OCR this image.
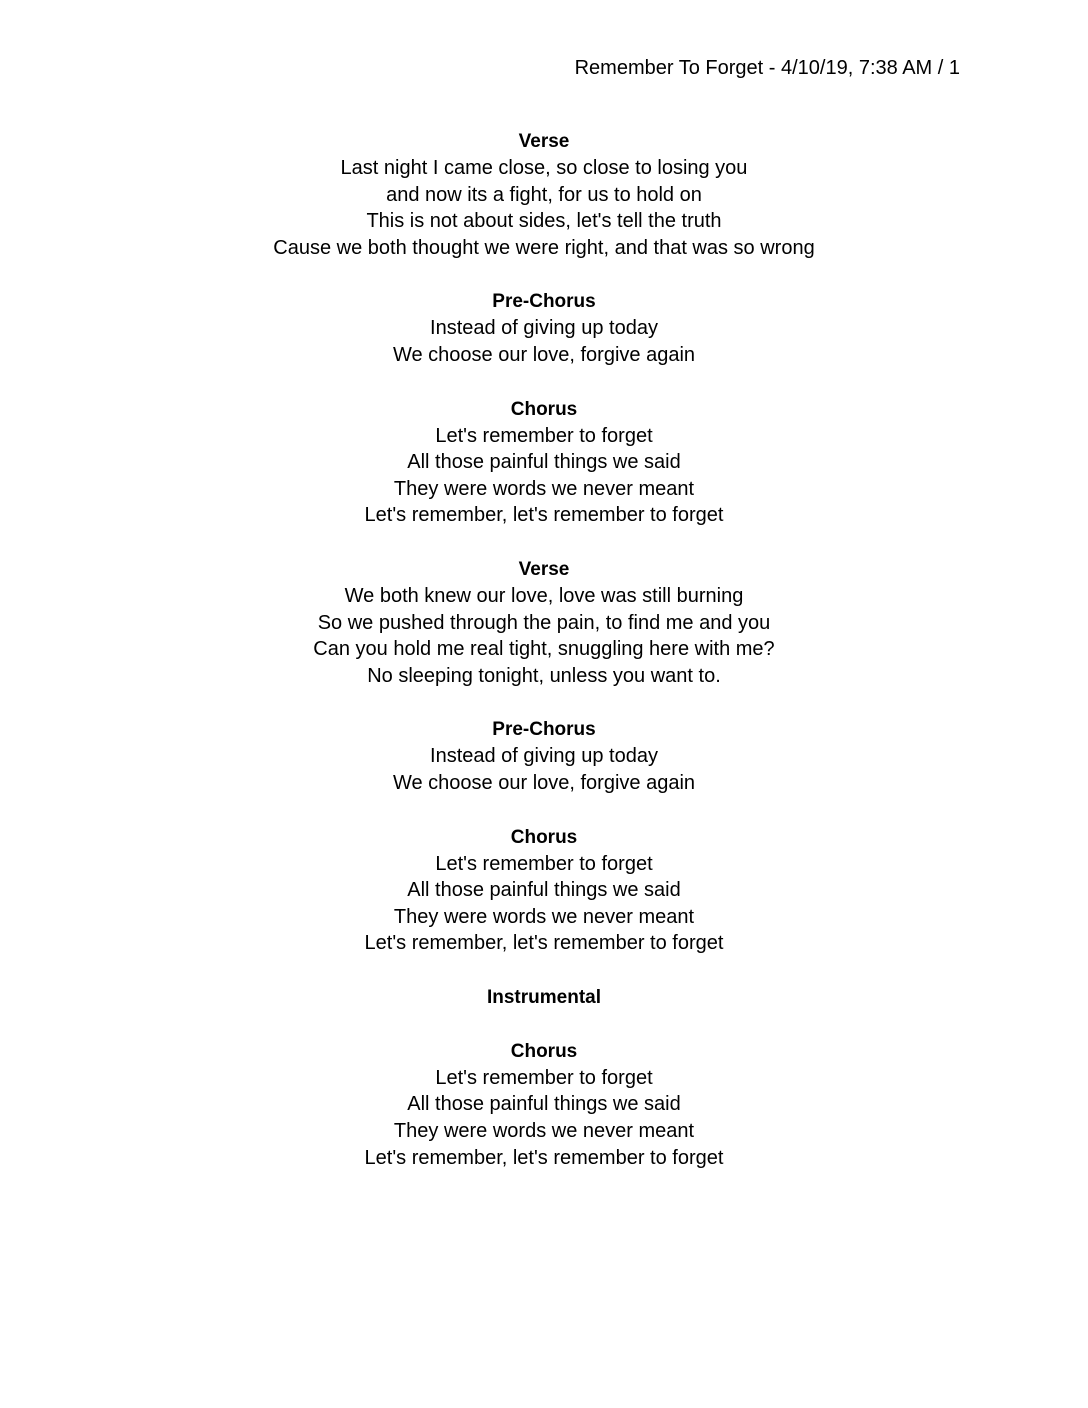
Remember To Forget - 4/10/19, 7:38 AM / 1
Verse
Last night I came close, so close to losing you
and now its a fight, for us to hold on
This is not about sides, let's tell the truth
Cause we both thought we were right, and that was so wrong
Pre-Chorus
Instead of giving up today
We choose our love, forgive again
Chorus
Let's remember to forget
All those painful things we said
They were words we never meant
Let's remember, let's remember to forget
Verse
We both knew our love, love was still burning
So we pushed through the pain, to find me and you
Can you hold me real tight, snuggling here with me?
No sleeping tonight, unless you want to.
Pre-Chorus
Instead of giving up today
We choose our love, forgive again
Chorus
Let's remember to forget
All those painful things we said
They were words we never meant
Let's remember, let's remember to forget
Instrumental
Chorus
Let's remember to forget
All those painful things we said
They were words we never meant
Let's remember, let's remember to forget
